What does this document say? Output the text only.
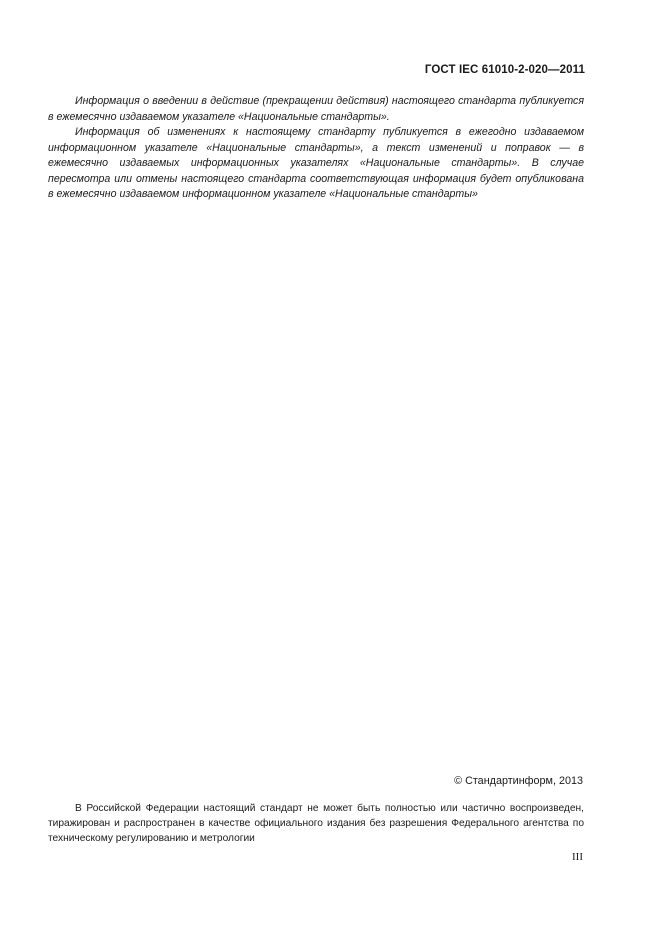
ГОСТ IEC 61010-2-020—2011

Информация о введении в действие (прекращении действия) настоящего стандарта публикуется в ежемесячно издаваемом указателе «Национальные стандарты».

Информация об изменениях к настоящему стандарту публикуется в ежегодно издаваемом информационном указателе «Национальные стандарты», а текст изменений и поправок — в ежемесячно издаваемых информационных указателях «Национальные стандарты». В случае пересмотра или отмены настоящего стандарта соответствующая информация будет опубликована в ежемесячно издаваемом информационном указателе «Национальные стандарты»

© Стандартинформ, 2013

В Российской Федерации настоящий стандарт не может быть полностью или частично воспроизведен, тиражирован и распространен в качестве официального издания без разрешения Федерального агентства по техническому регулированию и метрологии

III
